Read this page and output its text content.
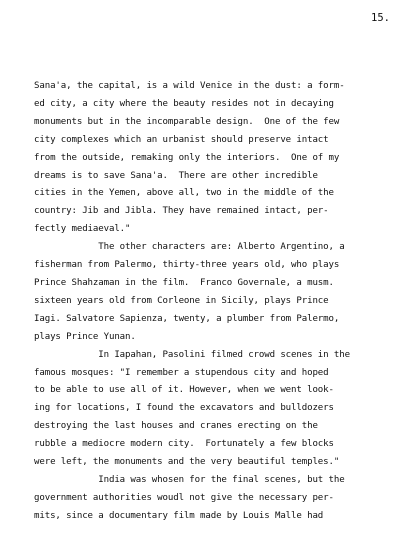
15.
Sana'a, the capital, is a wild Venice in the dust: a form-
ed city, a city where the beauty resides not in decaying
monuments but in the incomparable design.  One of the few
city complexes which an urbanist should preserve intact
from the outside, remaking only the interiors.  One of my
dreams is to save Sana'a.  There are other incredible
cities in the Yemen, above all, two in the middle of the
country: Jib and Jibla. They have remained intact, per-
fectly mediaeval."
The other characters are: Alberto Argentino, a
fisherman from Palermo, thirty-three years old, who plays
Prince Shahzaman in the film.  Franco Governale, a musm.
sixteen years old from Corleone in Sicily, plays Prince
Iagi. Salvatore Sapienza, twenty, a plumber from Palermo,
plays Prince Yunan.
In Iapahan, Pasolini filmed crowd scenes in the
famous mosques: "I remember a stupendous city and hoped
to be able to use all of it. However, when we went look-
ing for locations, I found the excavators and bulldozers
destroying the last houses and cranes erecting on the
rubble a mediocre modern city.  Fortunately a few blocks
were left, the monuments and the very beautiful temples."
India was whosen for the final scenes, but the
government authorities woudl not give the necessary per-
mits, since a documentary film made by Louis Malle had
